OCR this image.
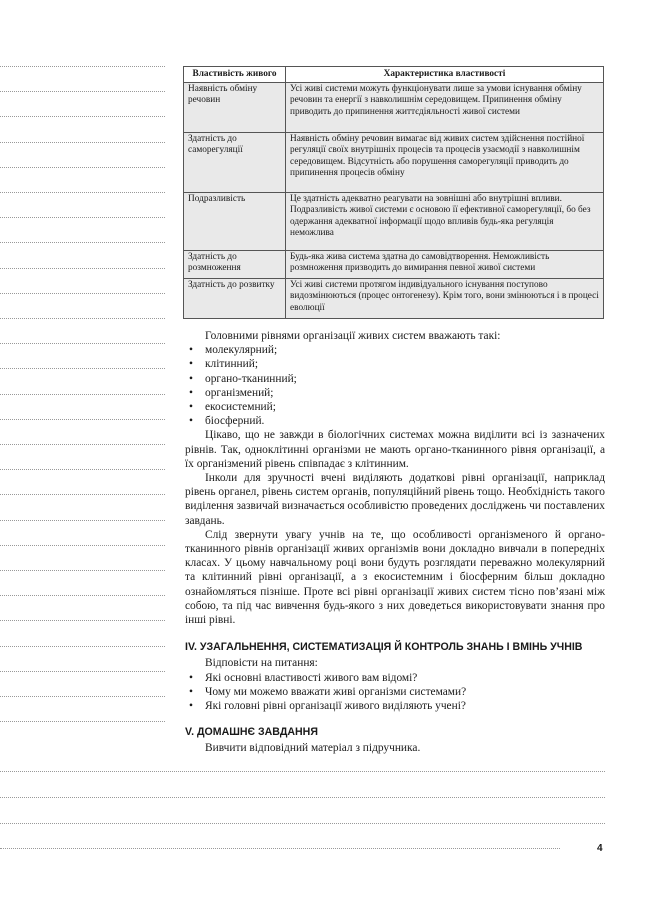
Властивість живого	Характеристика властивості
Наявність обміну речовин	Усі живі системи можуть функціонувати лише за умови існування обміну речовин та енергії з навколишнім середовищем. Припинення обміну приводить до припинення життєдіяльності живої системи
Здатність до саморегуляції	Наявність обміну речовин вимагає від живих систем здійснення постійної регуляції своїх внутрішніх процесів та процесів узаємодії з навколишнім середовищем. Відсутність або порушення саморегуляції приводить до припинення процесів обміну
Подразливість	Це здатність адекватно реагувати на зовнішні або внутрішні впливи. Подразливість живої системи є основою її ефективної саморегуляції, бо без одержання адекватної інформації щодо впливів будь-яка регуляція неможлива
Здатність до розмноження	Будь-яка жива система здатна до самовідтворення. Неможливість розмноження призводить до вимирання певної живої системи
Здатність до розвитку	Усі живі системи протягом індивідуального існування поступово видозмінюються (процес онтогенезу). Крім того, вони змінюються і в процесі еволюції

Головними рівнями організації живих систем вважають такі:

• молекулярний;
• клітинний;
• органо-тканинний;
• організмений;
• екосистемний;
• біосферний.

Цікаво, що не завжди в біологічних системах можна виділити всі із зазначених рівнів. Так, одноклітинні організми не мають органо-тканинного рівня організації, а їх організмений рівень співпадає з клітинним.

Інколи для зручності вчені виділяють додаткові рівні організації, наприклад рівень органел, рівень систем органів, популяційний рівень тощо. Необхідність такого виділення зазвичай визначається особливістю проведених досліджень чи поставлених завдань.

Слід звернути увагу учнів на те, що особливості організменого й органо-тканинного рівнів організації живих організмів вони докладно вивчали в попередніх класах. У цьому навчальному році вони будуть розглядати переважно молекулярний та клітинний рівні організації, а з екосистемним і біосферним більш докладно ознайомляться пізніше. Проте всі рівні організації живих систем тісно пов’язані між собою, та під час вивчення будь-якого з них доведеться використовувати знання про інші рівні.

IV. УЗАГАЛЬНЕННЯ, СИСТЕМАТИЗАЦІЯ Й КОНТРОЛЬ ЗНАНЬ І ВМІНЬ УЧНІВ

Відповісти на питання:

• Які основні властивості живого вам відомі?
• Чому ми можемо вважати живі організми системами?
• Які головні рівні організації живого виділяють учені?

V. ДОМАШНЄ ЗАВДАННЯ

Вивчити відповідний матеріал з підручника.

4
